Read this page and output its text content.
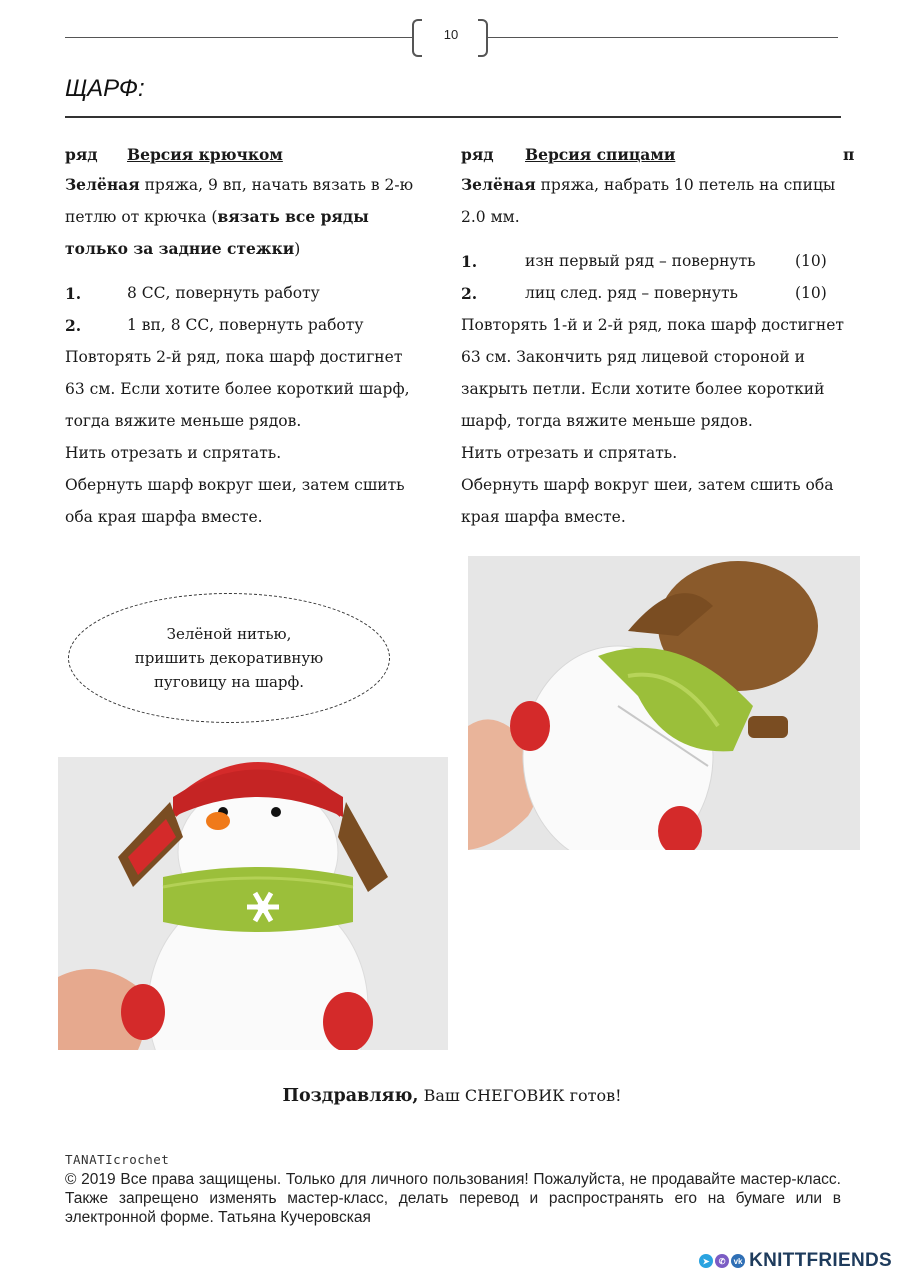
10
ЩАРФ:
ряд Версия крючком
Зелёная пряжа, 9 вп, начать вязать в 2-ю
петлю от крючка (вязать все ряды
только за задние стежки)
1.	8 СС, повернуть работу
2.	1 вп, 8 СС, повернуть работу
Повторять 2-й ряд, пока шарф достигнет
63 см. Если хотите более короткий шарф,
тогда вяжите меньше рядов.
Нить отрезать и спрятать.
Обернуть шарф вокруг шеи, затем сшить
оба края шарфа вместе.
ряд Версия спицами	п
Зелёная пряжа, набрать 10 петель на спицы
2.0 мм.
1.	изн первый ряд – повернуть	(10)
2.	лиц след. ряд – повернуть	(10)
Повторять 1-й и 2-й ряд, пока шарф достигнет
63 см. Закончить ряд лицевой стороной и
закрыть петли. Если хотите более короткий
шарф, тогда вяжите меньше рядов.
Нить отрезать и спрятать.
Обернуть шарф вокруг шеи, затем сшить оба
края шарфа вместе.
Зелёной нитью,
пришить декоративную
пуговицу на шарф.
Поздравляю, Ваш СНЕГОВИК готов!
TANATIcrochet
© 2019 Все права защищены. Только для личного пользования! Пожалуйста, не продавайте мастер-класс. Также запрещено изменять мастер-класс, делать перевод и распространять его на бумаге или в электронной форме. Татьяна Кучеровская
➤	✆	vk KNITTFRIENDS
